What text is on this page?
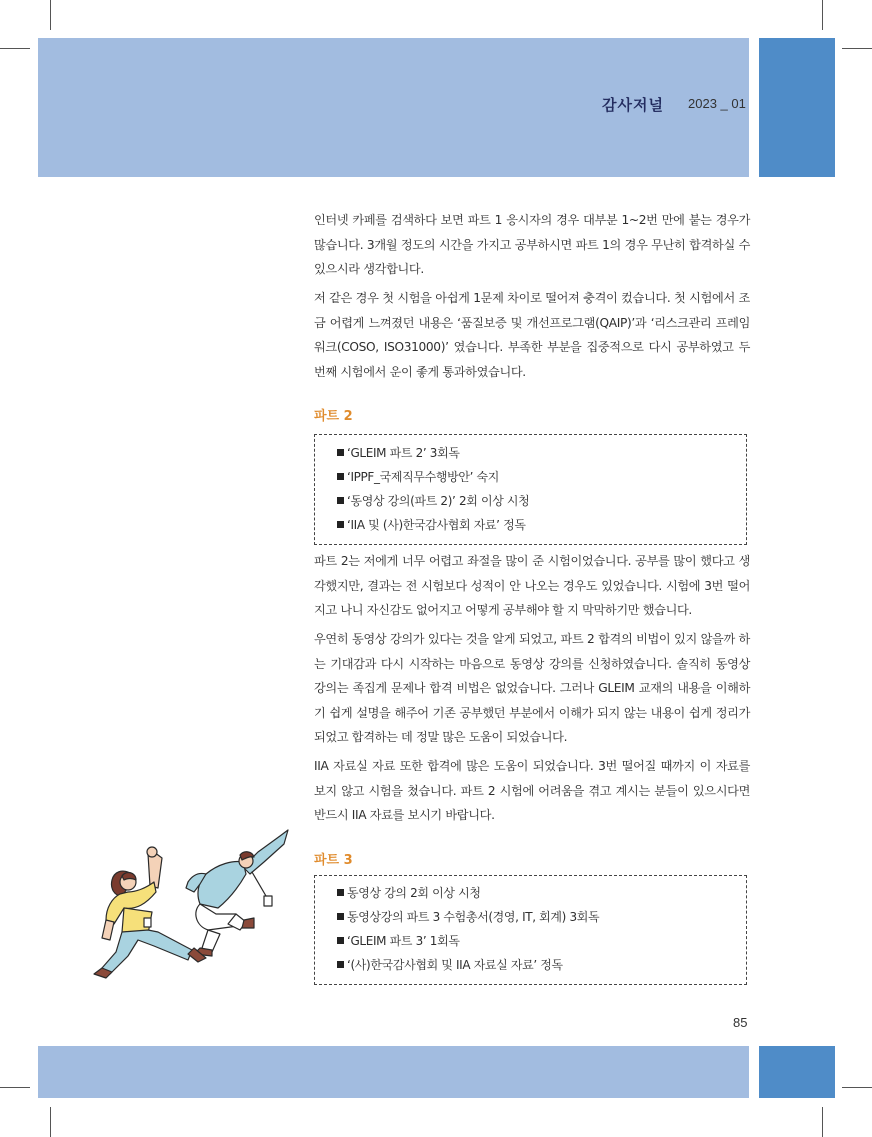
감사저널 2023 _ 01

인터넷 카페를 검색하다 보면 파트 1 응시자의 경우 대부분 1~2번 만에 붙는 경우가 많습니다. 3개월 정도의 시간을 가지고 공부하시면 파트 1의 경우 무난히 합격하실 수 있으시라 생각합니다.

저 같은 경우 첫 시험을 아쉽게 1문제 차이로 떨어져 충격이 컸습니다. 첫 시험에서 조금 어렵게 느껴졌던 내용은 ‘품질보증 및 개선프로그램(QAIP)’과 ‘리스크관리 프레임워크(COSO, ISO31000)’ 였습니다. 부족한 부분을 집중적으로 다시 공부하였고 두 번째 시험에서 운이 좋게 통과하였습니다.

파트 2
‘GLEIM 파트 2’ 3회독
‘IPPF_국제직무수행방안’ 숙지
‘동영상 강의(파트 2)’ 2회 이상 시청
‘IIA 및 (사)한국감사협회 자료’ 정독

파트 2는 저에게 너무 어렵고 좌절을 많이 준 시험이었습니다. 공부를 많이 했다고 생각했지만, 결과는 전 시험보다 성적이 안 나오는 경우도 있었습니다. 시험에 3번 떨어지고 나니 자신감도 없어지고 어떻게 공부해야 할 지 막막하기만 했습니다.

우연히 동영상 강의가 있다는 것을 알게 되었고, 파트 2 합격의 비법이 있지 않을까 하는 기대감과 다시 시작하는 마음으로 동영상 강의를 신청하였습니다. 솔직히 동영상 강의는 족집게 문제나 합격 비법은 없었습니다. 그러나 GLEIM 교재의 내용을 이해하기 쉽게 설명을 해주어 기존 공부했던 부분에서 이해가 되지 않는 내용이 쉽게 정리가 되었고 합격하는 데 정말 많은 도움이 되었습니다.

IIA 자료실 자료 또한 합격에 많은 도움이 되었습니다. 3번 떨어질 때까지 이 자료를 보지 않고 시험을 쳤습니다. 파트 2 시험에 어려움을 겪고 계시는 분들이 있으시다면 반드시 IIA 자료를 보시기 바랍니다.

파트 3
동영상 강의 2회 이상 시청
동영상강의 파트 3 수험총서(경영, IT, 회계) 3회독
‘GLEIM 파트 3’ 1회독
‘(사)한국감사협회 및 IIA 자료실 자료’ 정독
85
